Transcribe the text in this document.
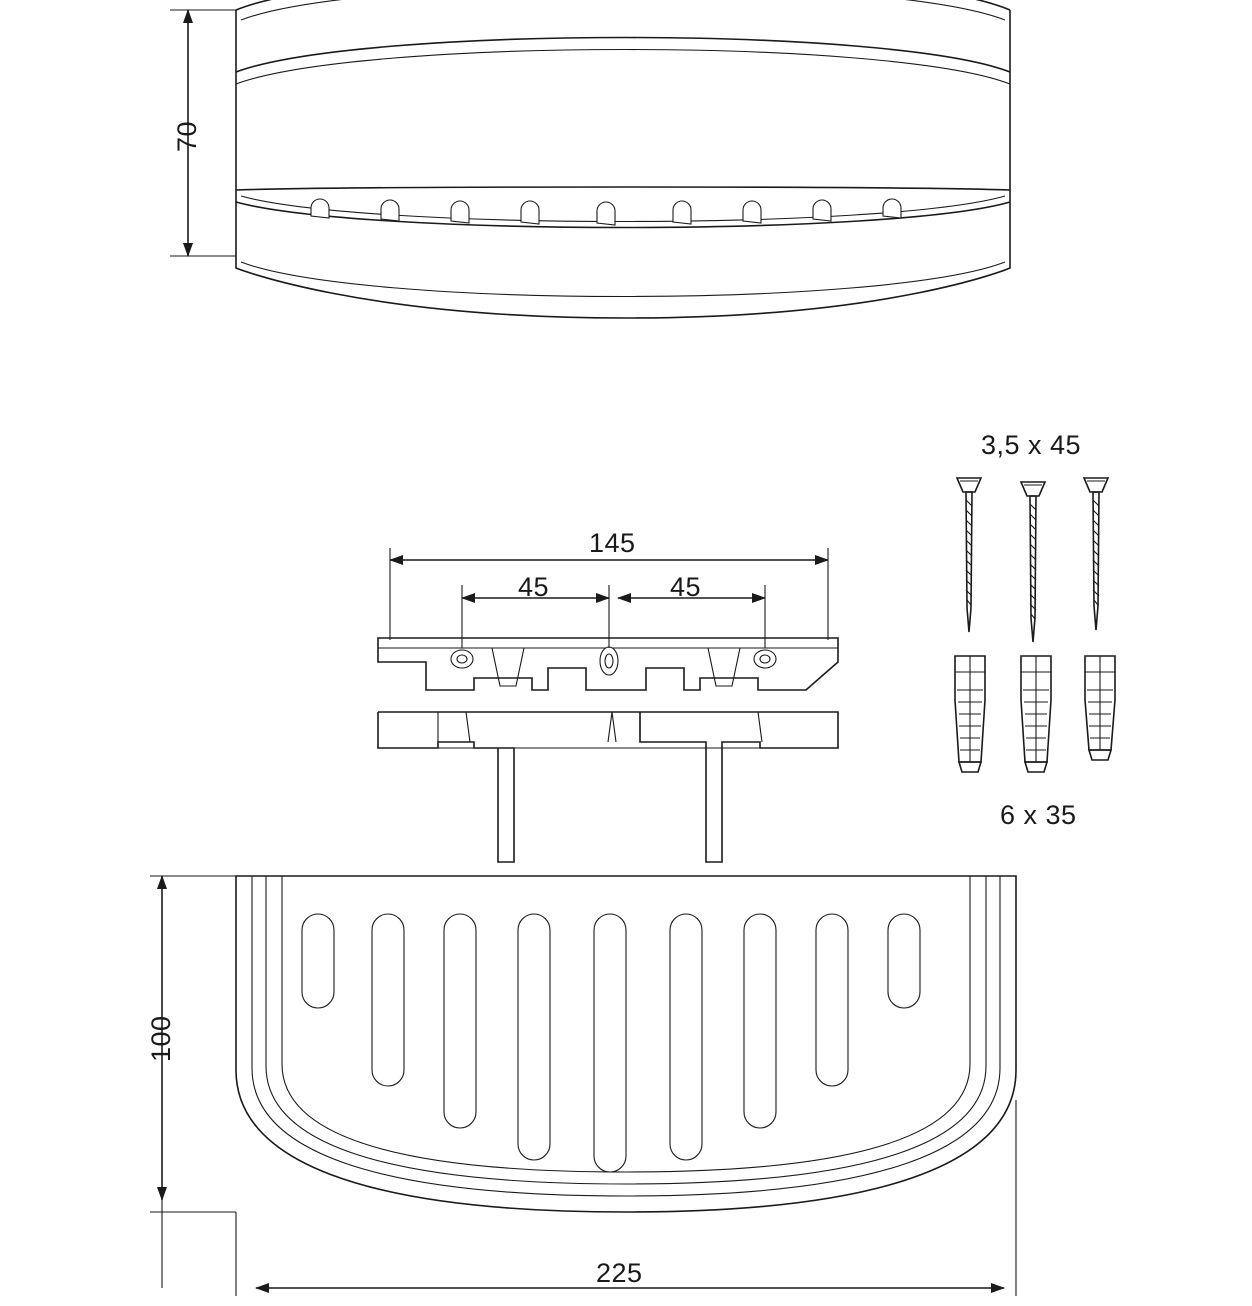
70
145
45	45
100
225
3,5 x 45
6 x 35
